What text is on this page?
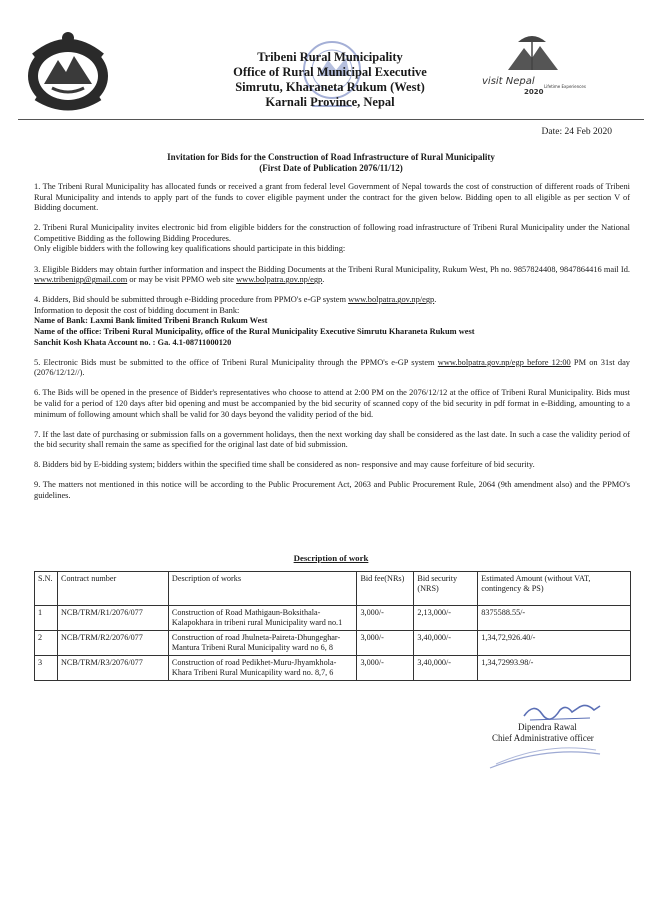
Tribeni Rural Municipality
Office of Rural Municipal Executive
Simrutu, Kharaneta Rukum (West)
Karnali Province, Nepal
visit Nepal
2020
Lifetime Experiences
Date: 24 Feb 2020
Invitation for Bids for the Construction of Road Infrastructure of Rural Municipality
(First Date of Publication 2076/11/12)

1. The Tribeni Rural Municipality has allocated funds or received a grant from federal level Government of Nepal towards the cost of construction of different roads of Tribeni Rural Municipality and intends to apply part of the funds to cover eligible payment under the contract for the given below. Bidding open to all eligible as per section V of Bidding document.

2. Tribeni Rural Municipality invites electronic bid from eligible bidders for the construction of following road infrastructure of Tribeni Rural Municipality under the National Competitive Bidding as the following Bidding Procedures.
Only eligible bidders with the following key qualifications should participate in this bidding:

3. Eligible Bidders may obtain further information and inspect the Bidding Documents at the Tribeni Rural Municipality, Rukum West, Ph no. 9857824408, 9847864416 mail Id. www.tribenigp@gmail.com or may be visit PPMO web site www.bolpatra.gov.np/egp.

4. Bidders, Bid should be submitted through e-Bidding procedure from PPMO's e-GP system www.bolpatra.gov.np/egp.
Information to deposit the cost of bidding document in Bank:
Name of Bank: Laxmi Bank limited Tribeni Branch Rukum West
Name of the office: Tribeni Rural Municipality, office of the Rural Municipality Executive Simrutu Kharaneta Rukum west
Sanchit Kosh Khata Account no. : Ga. 4.1-08711000120

5. Electronic Bids must be submitted to the office of Tribeni Rural Municipality through the PPMO's e-GP system www.bolpatra.gov.np/egp before 12:00 PM on 31st day (2076/12/12//).

6. The Bids will be opened in the presence of Bidder's representatives who choose to attend at 2:00 PM on the 2076/12/12 at the office of Tribeni Rural Municipality. Bids must be valid for a period of 120 days after bid opening and must be accompanied by the bid security of scanned copy of the bid security in pdf format in e-Bidding, amounting to a minimum of following amount which shall be valid for 30 days beyond the validity period of the bid.

7. If the last date of purchasing or submission falls on a government holidays, then the next working day shall be considered as the last date. In such a case the validity period of the bid security shall remain the same as specified for the original last date of bid submission.

8. Bidders bid by E-bidding system; bidders within the specified time shall be considered as non- responsive and may cause forfeiture of bid security.

9. The matters not mentioned in this notice will be according to the Public Procurement Act, 2063 and Public Procurement Rule, 2064 (9th amendment also) and the PPMO's guidelines.

Description of work
S.N.	Contract number	Description of works	Bid fee(NRs)	Bid security (NRS)	Estimated Amount (without VAT, contingency & PS)
1	NCB/TRM/R1/2076/077	Construction of Road Mathigaun-Boksithala-Kalapokhara in tribeni rural Municipality ward no.1	3,000/-	2,13,000/-	8375588.55/-
2	NCB/TRM/R2/2076/077	Construction of road Jhulneta-Paireta-Dhungeghar-Mantura Tribeni Rural Municipality ward no 6, 8	3,000/-	3,40,000/-	1,34,72,926.40/-
3	NCB/TRM/R3/2076/077	Construction of road Pedikhet-Muru-Jhyamkhola-Khara Tribeni Rural Municapility ward no. 8,7, 6	3,000/-	3,40,000/-	1,34,72993.98/-
Dipendra Rawal
Chief Administrative officer
